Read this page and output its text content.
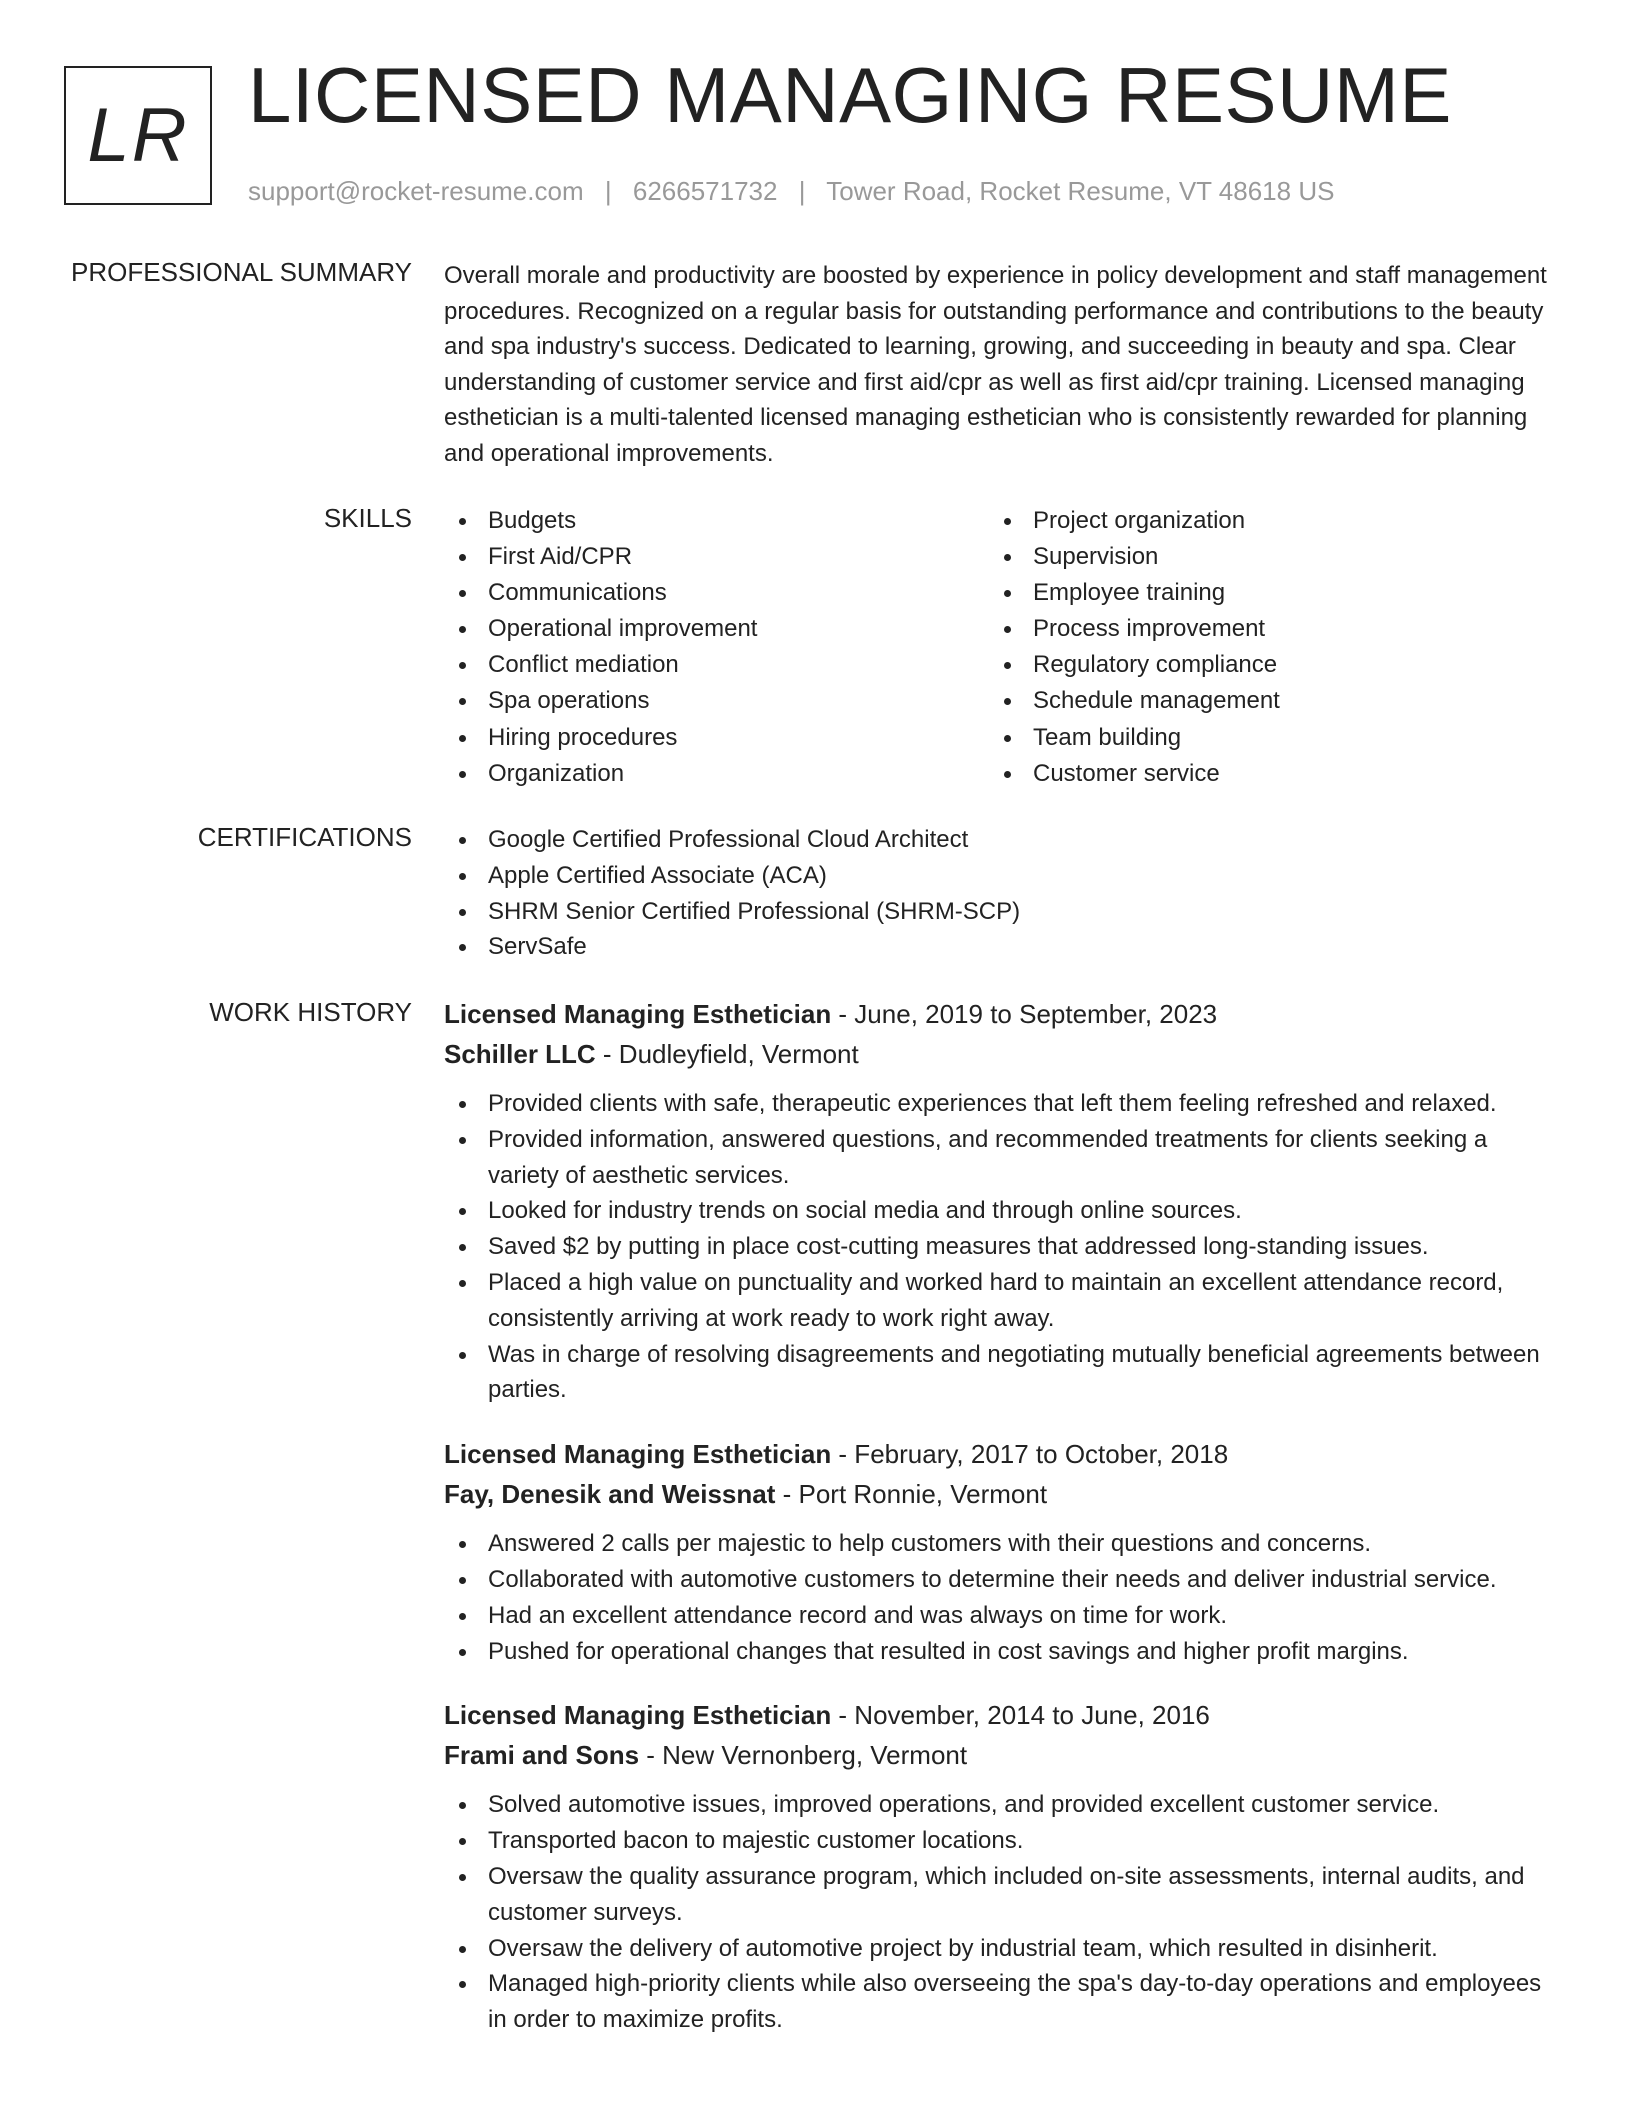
LR LICENSED MANAGING RESUME
support@rocket-resume.com | 6266571732 | Tower Road, Rocket Resume, VT 48618 US
PROFESSIONAL SUMMARY Overall morale and productivity are boosted by experience in policy development and staff management procedures. Recognized on a regular basis for outstanding performance and contributions to the beauty and spa industry's success. Dedicated to learning, growing, and succeeding in beauty and spa. Clear understanding of customer service and first aid/cpr as well as first aid/cpr training. Licensed managing esthetician is a multi-talented licensed managing esthetician who is consistently rewarded for planning and operational improvements.
SKILLS	Budgets
First Aid/CPR
Communications
Operational improvement
Conflict mediation
Spa operations
Hiring procedures
Organization
Project organization
Supervision
Employee training
Process improvement
Regulatory compliance
Schedule management
Team building
Customer service
CERTIFICATIONS	Google Certified Professional Cloud Architect
Apple Certified Associate (ACA)
SHRM Senior Certified Professional (SHRM-SCP)
ServSafe
WORK HISTORY Licensed Managing Esthetician - June, 2019 to September, 2023
Schiller LLC - Dudleyfield, Vermont
Provided clients with safe, therapeutic experiences that left them feeling refreshed and relaxed.
Provided information, answered questions, and recommended treatments for clients seeking a variety of aesthetic services.
Looked for industry trends on social media and through online sources.
Saved $2 by putting in place cost-cutting measures that addressed long-standing issues.
Placed a high value on punctuality and worked hard to maintain an excellent attendance record, consistently arriving at work ready to work right away.
Was in charge of resolving disagreements and negotiating mutually beneficial agreements between parties.
Licensed Managing Esthetician - February, 2017 to October, 2018
Fay, Denesik and Weissnat - Port Ronnie, Vermont
Answered 2 calls per majestic to help customers with their questions and concerns.
Collaborated with automotive customers to determine their needs and deliver industrial service.
Had an excellent attendance record and was always on time for work.
Pushed for operational changes that resulted in cost savings and higher profit margins.
Licensed Managing Esthetician - November, 2014 to June, 2016
Frami and Sons - New Vernonberg, Vermont
Solved automotive issues, improved operations, and provided excellent customer service.
Transported bacon to majestic customer locations.
Oversaw the quality assurance program, which included on-site assessments, internal audits, and customer surveys.
Oversaw the delivery of automotive project by industrial team, which resulted in disinherit.
Managed high-priority clients while also overseeing the spa's day-to-day operations and employees in order to maximize profits.
